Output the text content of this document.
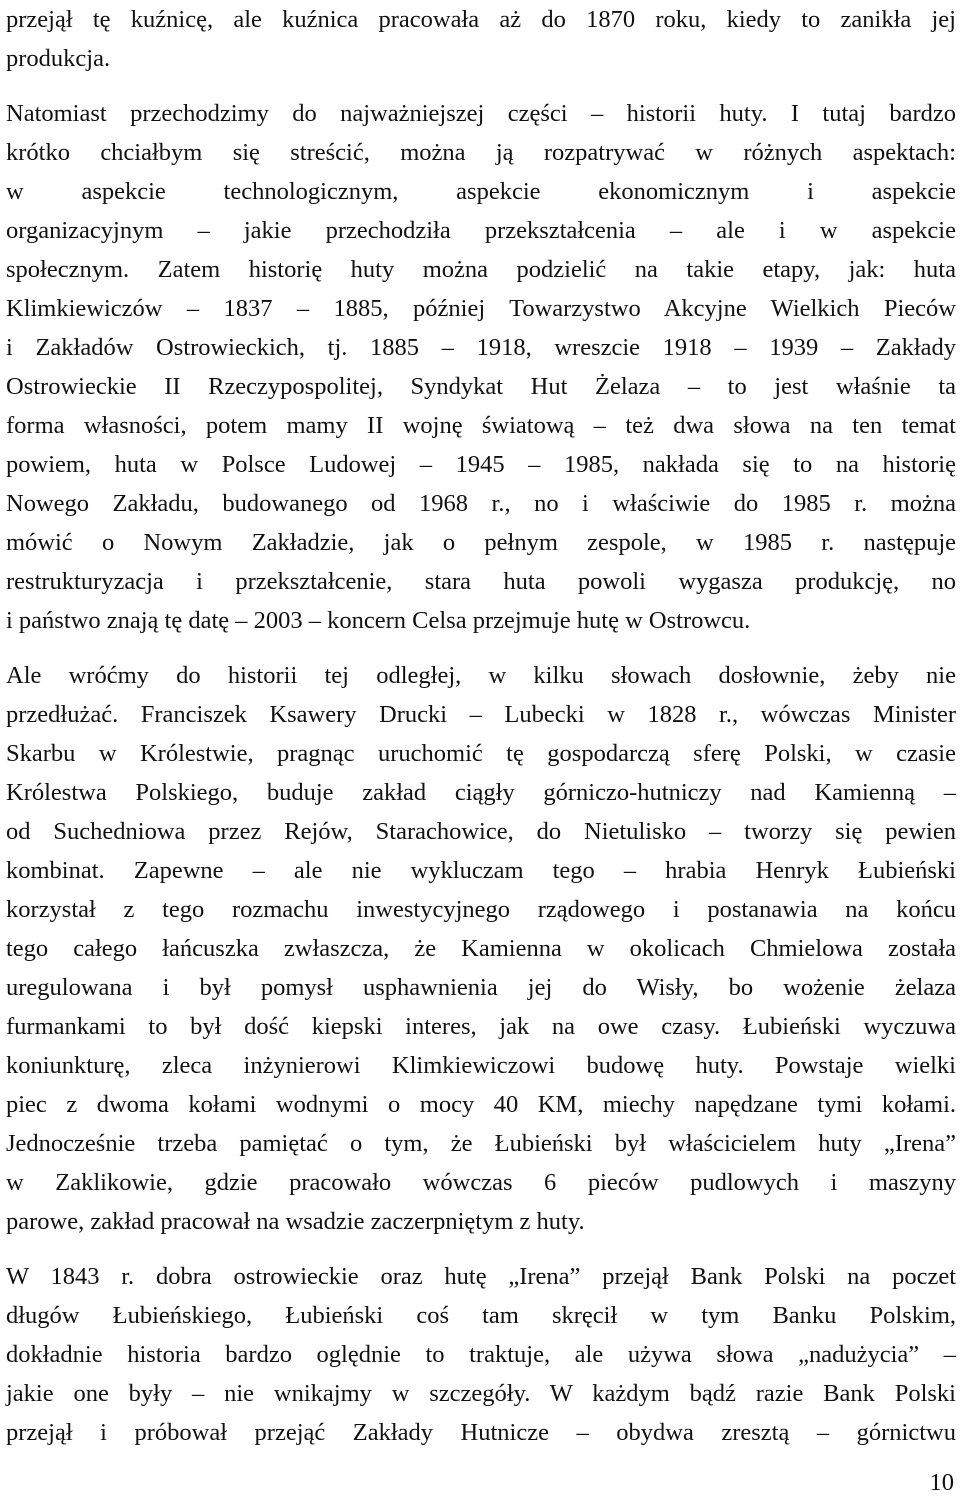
przejął tę kuźnicę, ale kuźnica pracowała aż do 1870 roku, kiedy to zanikła jej
produkcja.
Natomiast przechodzimy do najważniejszej części – historii huty. I tutaj bardzo
krótko chciałbym się streścić, można ją rozpatrywać w różnych aspektach:
w aspekcie technologicznym, aspekcie ekonomicznym i aspekcie
organizacyjnym – jakie przechodziła przekształcenia – ale i w aspekcie
społecznym. Zatem historię huty można podzielić na takie etapy, jak: huta
Klimkiewiczów – 1837 – 1885, później Towarzystwo Akcyjne Wielkich Pieców
i Zakładów Ostrowieckich, tj. 1885 – 1918, wreszcie 1918 – 1939 – Zakłady
Ostrowieckie II Rzeczypospolitej, Syndykat Hut Żelaza – to jest właśnie ta
forma własności, potem mamy II wojnę światową – też dwa słowa na ten temat
powiem, huta w Polsce Ludowej – 1945 – 1985, nakłada się to na historię
Nowego Zakładu, budowanego od 1968 r., no i właściwie do 1985 r. można
mówić o Nowym Zakładzie, jak o pełnym zespole, w 1985 r. następuje
restrukturyzacja i przekształcenie, stara huta powoli wygasza produkcję, no
i państwo znają tę datę – 2003 – koncern Celsa przejmuje hutę w Ostrowcu.
Ale wróćmy do historii tej odległej, w kilku słowach dosłownie, żeby nie
przedłużać. Franciszek Ksawery Drucki – Lubecki w 1828 r., wówczas Minister
Skarbu w Królestwie, pragnąc uruchomić tę gospodarczą sferę Polski, w czasie
Królestwa Polskiego, buduje zakład ciągły górniczo-hutniczy nad Kamienną –
od Suchedniowa przez Rejów, Starachowice, do Nietulisko – tworzy się pewien
kombinat. Zapewne – ale nie wykluczam tego – hrabia Henryk Łubieński
korzystał z tego rozmachu inwestycyjnego rządowego i postanawia na końcu
tego całego łańcuszka zwłaszcza, że Kamienna w okolicach Chmielowa została
uregulowana i był pomysł usphawnienia jej do Wisły, bo wożenie żelaza
furmankami to był dość kiepski interes, jak na owe czasy. Łubieński wyczuwa
koniunkturę, zleca inżynierowi Klimkiewiczowi budowę huty. Powstaje wielki
piec z dwoma kołami wodnymi o mocy 40 KM, miechy napędzane tymi kołami.
Jednocześnie trzeba pamiętać o tym, że Łubieński był właścicielem huty „Irena”
w Zaklikowie, gdzie pracowało wówczas 6 pieców pudlowych i maszyny
parowe, zakład pracował na wsadzie zaczerpniętym z huty.
W 1843 r. dobra ostrowieckie oraz hutę „Irena” przejął Bank Polski na poczet
długów Łubieńskiego, Łubieński coś tam skręcił w tym Banku Polskim,
dokładnie historia bardzo oględnie to traktuje, ale używa słowa „nadużycia” –
jakie one były – nie wnikajmy w szczegóły. W każdym bądź razie Bank Polski
przejął i próbował przejąć Zakłady Hutnicze – obydwa zresztą – górnictwu
10
